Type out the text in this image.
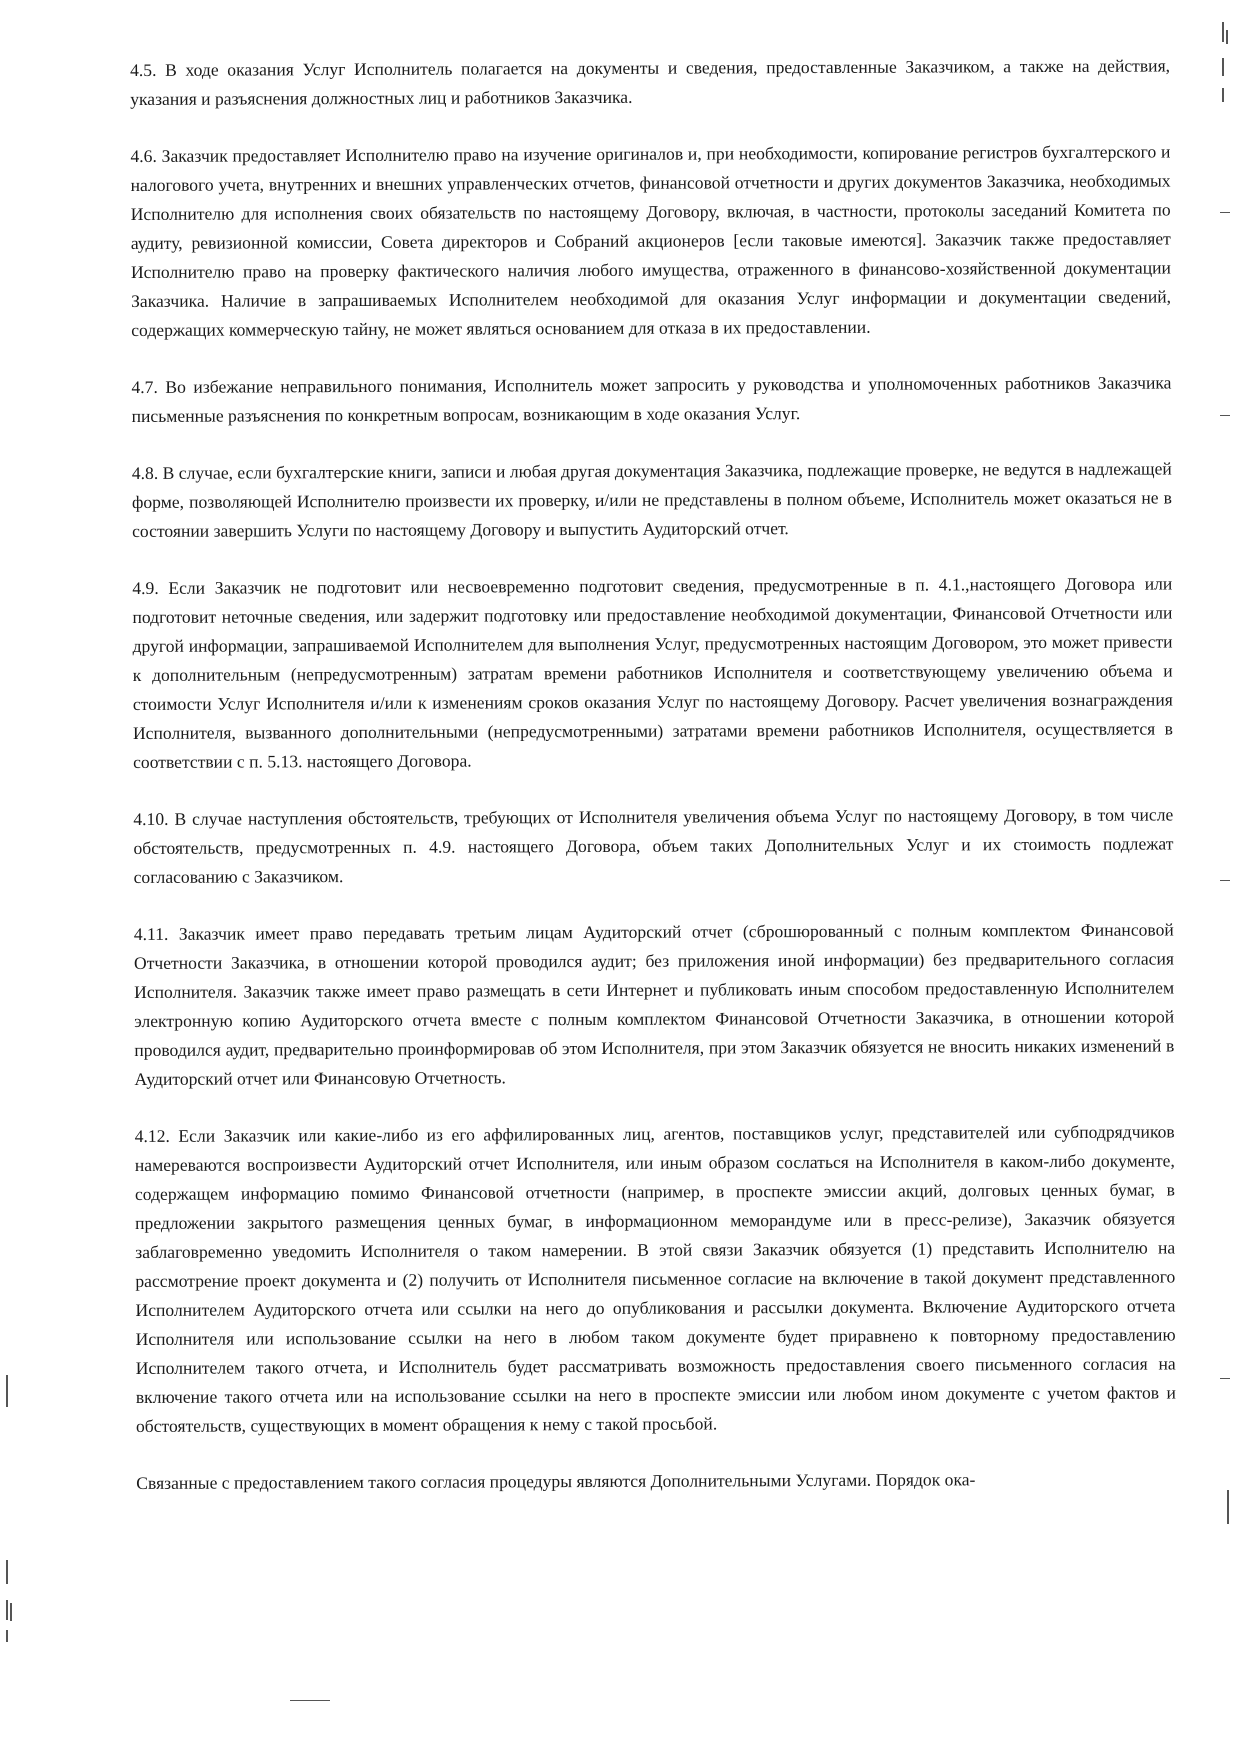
4.5. В ходе оказания Услуг Исполнитель полагается на документы и сведения, предоставленные Заказчиком, а также на действия, указания и разъяснения должностных лиц и работников Заказчика.

4.6. Заказчик предоставляет Исполнителю право на изучение оригиналов и, при необходимости, копирование регистров бухгалтерского и налогового учета, внутренних и внешних управленческих отчетов, финансовой отчетности и других документов Заказчика, необходимых Исполнителю для исполнения своих обязательств по настоящему Договору, включая, в частности, протоколы заседаний Комитета по аудиту, ревизионной комиссии, Совета директоров и Собраний акционеров [если таковые имеются]. Заказчик также предоставляет Исполнителю право на проверку фактического наличия любого имущества, отраженного в финансово-хозяйственной документации Заказчика. Наличие в запрашиваемых Исполнителем необходимой для оказания Услуг информации и документации сведений, содержащих коммерческую тайну, не может являться основанием для отказа в их предоставлении.

4.7. Во избежание неправильного понимания, Исполнитель может запросить у руководства и уполномоченных работников Заказчика письменные разъяснения по конкретным вопросам, возникающим в ходе оказания Услуг.

4.8. В случае, если бухгалтерские книги, записи и любая другая документация Заказчика, подлежащие проверке, не ведутся в надлежащей форме, позволяющей Исполнителю произвести их проверку, и/или не представлены в полном объеме, Исполнитель может оказаться не в состоянии завершить Услуги по настоящему Договору и выпустить Аудиторский отчет.

4.9. Если Заказчик не подготовит или несвоевременно подготовит сведения, предусмотренные в п. 4.1.,настоящего Договора или подготовит неточные сведения, или задержит подготовку или предоставление необходимой документации, Финансовой Отчетности или другой информации, запрашиваемой Исполнителем для выполнения Услуг, предусмотренных настоящим Договором, это может привести к дополнительным (непредусмотренным) затратам времени работников Исполнителя и соответствующему увеличению объема и стоимости Услуг Исполнителя и/или к изменениям сроков оказания Услуг по настоящему Договору. Расчет увеличения вознаграждения Исполнителя, вызванного дополнительными (непредусмотренными) затратами времени работников Исполнителя, осуществляется в соответствии с п. 5.13. настоящего Договора.

4.10. В случае наступления обстоятельств, требующих от Исполнителя увеличения объема Услуг по настоящему Договору, в том числе обстоятельств, предусмотренных п. 4.9. настоящего Договора, объем таких Дополнительных Услуг и их стоимость подлежат согласованию с Заказчиком.

4.11. Заказчик имеет право передавать третьим лицам Аудиторский отчет (сброшюрованный с полным комплектом Финансовой Отчетности Заказчика, в отношении которой проводился аудит; без приложения иной информации) без предварительного согласия Исполнителя. Заказчик также имеет право размещать в сети Интернет и публиковать иным способом предоставленную Исполнителем электронную копию Аудиторского отчета вместе с полным комплектом Финансовой Отчетности Заказчика, в отношении которой проводился аудит, предварительно проинформировав об этом Исполнителя, при этом Заказчик обязуется не вносить никаких изменений в Аудиторский отчет или Финансовую Отчетность.

4.12. Если Заказчик или какие-либо из его аффилированных лиц, агентов, поставщиков услуг, представителей или субподрядчиков намереваются воспроизвести Аудиторский отчет Исполнителя, или иным образом сослаться на Исполнителя в каком-либо документе, содержащем информацию помимо Финансовой отчетности (например, в проспекте эмиссии акций, долговых ценных бумаг, в предложении закрытого размещения ценных бумаг, в информационном меморандуме или в пресс-релизе), Заказчик обязуется заблаговременно уведомить Исполнителя о таком намерении. В этой связи Заказчик обязуется (1) представить Исполнителю на рассмотрение проект документа и (2) получить от Исполнителя письменное согласие на включение в такой документ представленного Исполнителем Аудиторского отчета или ссылки на него до опубликования и рассылки документа. Включение Аудиторского отчета Исполнителя или использование ссылки на него в любом таком документе будет приравнено к повторному предоставлению Исполнителем такого отчета, и Исполнитель будет рассматривать возможность предоставления своего письменного согласия на включение такого отчета или на использование ссылки на него в проспекте эмиссии или любом ином документе с учетом фактов и обстоятельств, существующих в момент обращения к нему с такой просьбой.

Связанные с предоставлением такого согласия процедуры являются Дополнительными Услугами. Порядок ока-
